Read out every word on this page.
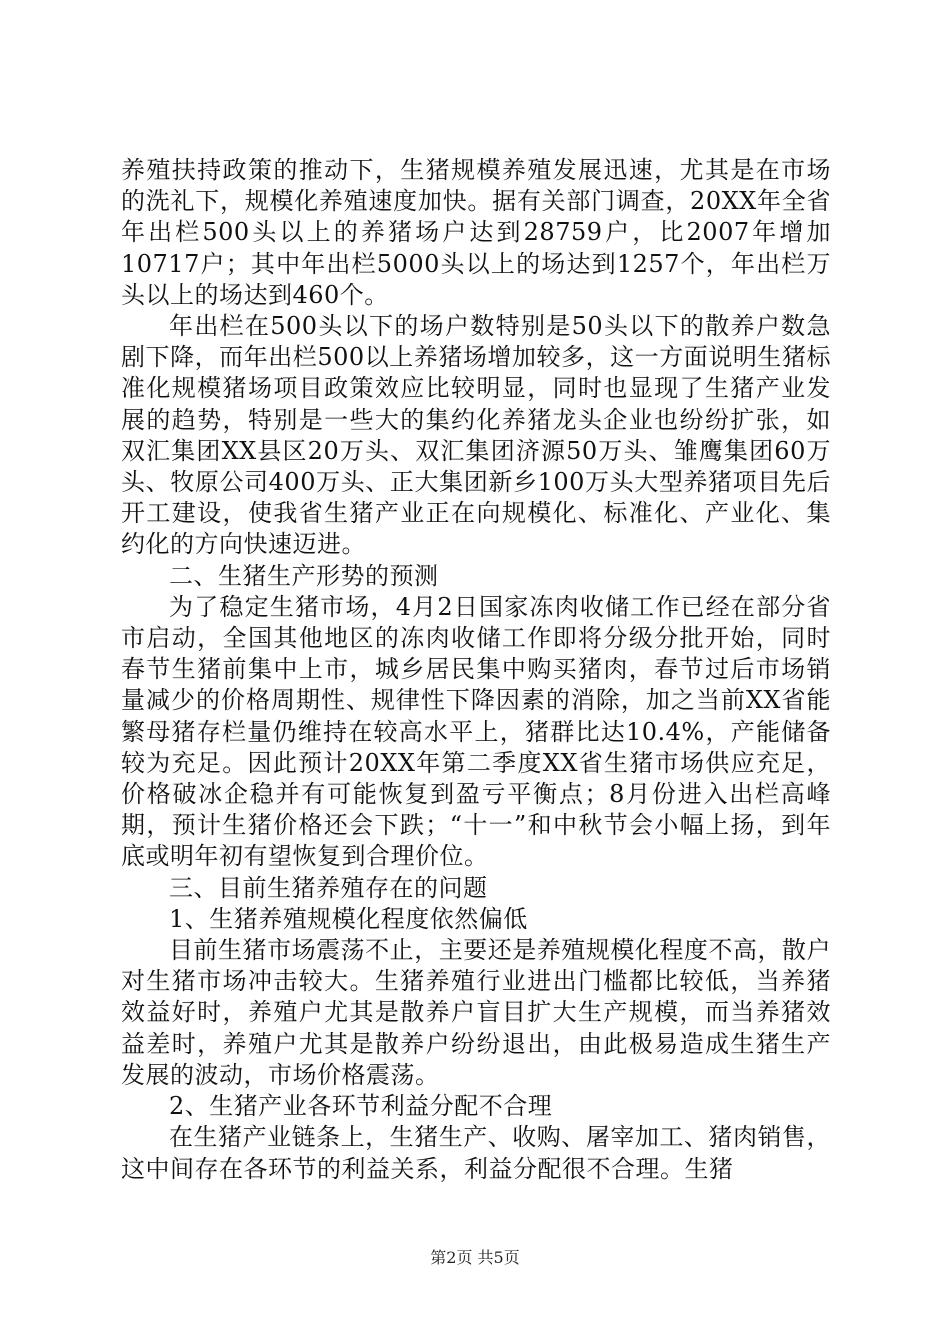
养殖扶持政策的推动下，生猪规模养殖发展迅速，尤其是在市场的洗礼下，规模化养殖速度加快。据有关部门调查，20XX年全省年出栏500头以上的养猪场户达到28759户，比2007年增加10717户；其中年出栏5000头以上的场达到1257个，年出栏万头以上的场达到460个。

年出栏在500头以下的场户数特别是50头以下的散养户数急剧下降，而年出栏500以上养猪场增加较多，这一方面说明生猪标准化规模猪场项目政策效应比较明显，同时也显现了生猪产业发展的趋势，特别是一些大的集约化养猪龙头企业也纷纷扩张，如双汇集团XX县区20万头、双汇集团济源50万头、雏鹰集团60万头、牧原公司400万头、正大集团新乡100万头大型养猪项目先后开工建设，使我省生猪产业正在向规模化、标准化、产业化、集约化的方向快速迈进。

二、生猪生产形势的预测

为了稳定生猪市场，4月2日国家冻肉收储工作已经在部分省市启动，全国其他地区的冻肉收储工作即将分级分批开始，同时春节生猪前集中上市，城乡居民集中购买猪肉，春节过后市场销量减少的价格周期性、规律性下降因素的消除，加之当前XX省能繁母猪存栏量仍维持在较高水平上，猪群比达10.4%，产能储备较为充足。因此预计20XX年第二季度XX省生猪市场供应充足，价格破冰企稳并有可能恢复到盈亏平衡点；8月份进入出栏高峰期，预计生猪价格还会下跌；“十一”和中秋节会小幅上扬，到年底或明年初有望恢复到合理价位。

三、目前生猪养殖存在的问题

1、生猪养殖规模化程度依然偏低

目前生猪市场震荡不止，主要还是养殖规模化程度不高，散户对生猪市场冲击较大。生猪养殖行业进出门槛都比较低，当养猪效益好时，养殖户尤其是散养户盲目扩大生产规模，而当养猪效益差时，养殖户尤其是散养户纷纷退出，由此极易造成生猪生产发展的波动，市场价格震荡。

2、生猪产业各环节利益分配不合理

在生猪产业链条上，生猪生产、收购、屠宰加工、猪肉销售，这中间存在各环节的利益关系，利益分配很不合理。生猪

第2页 共5页
